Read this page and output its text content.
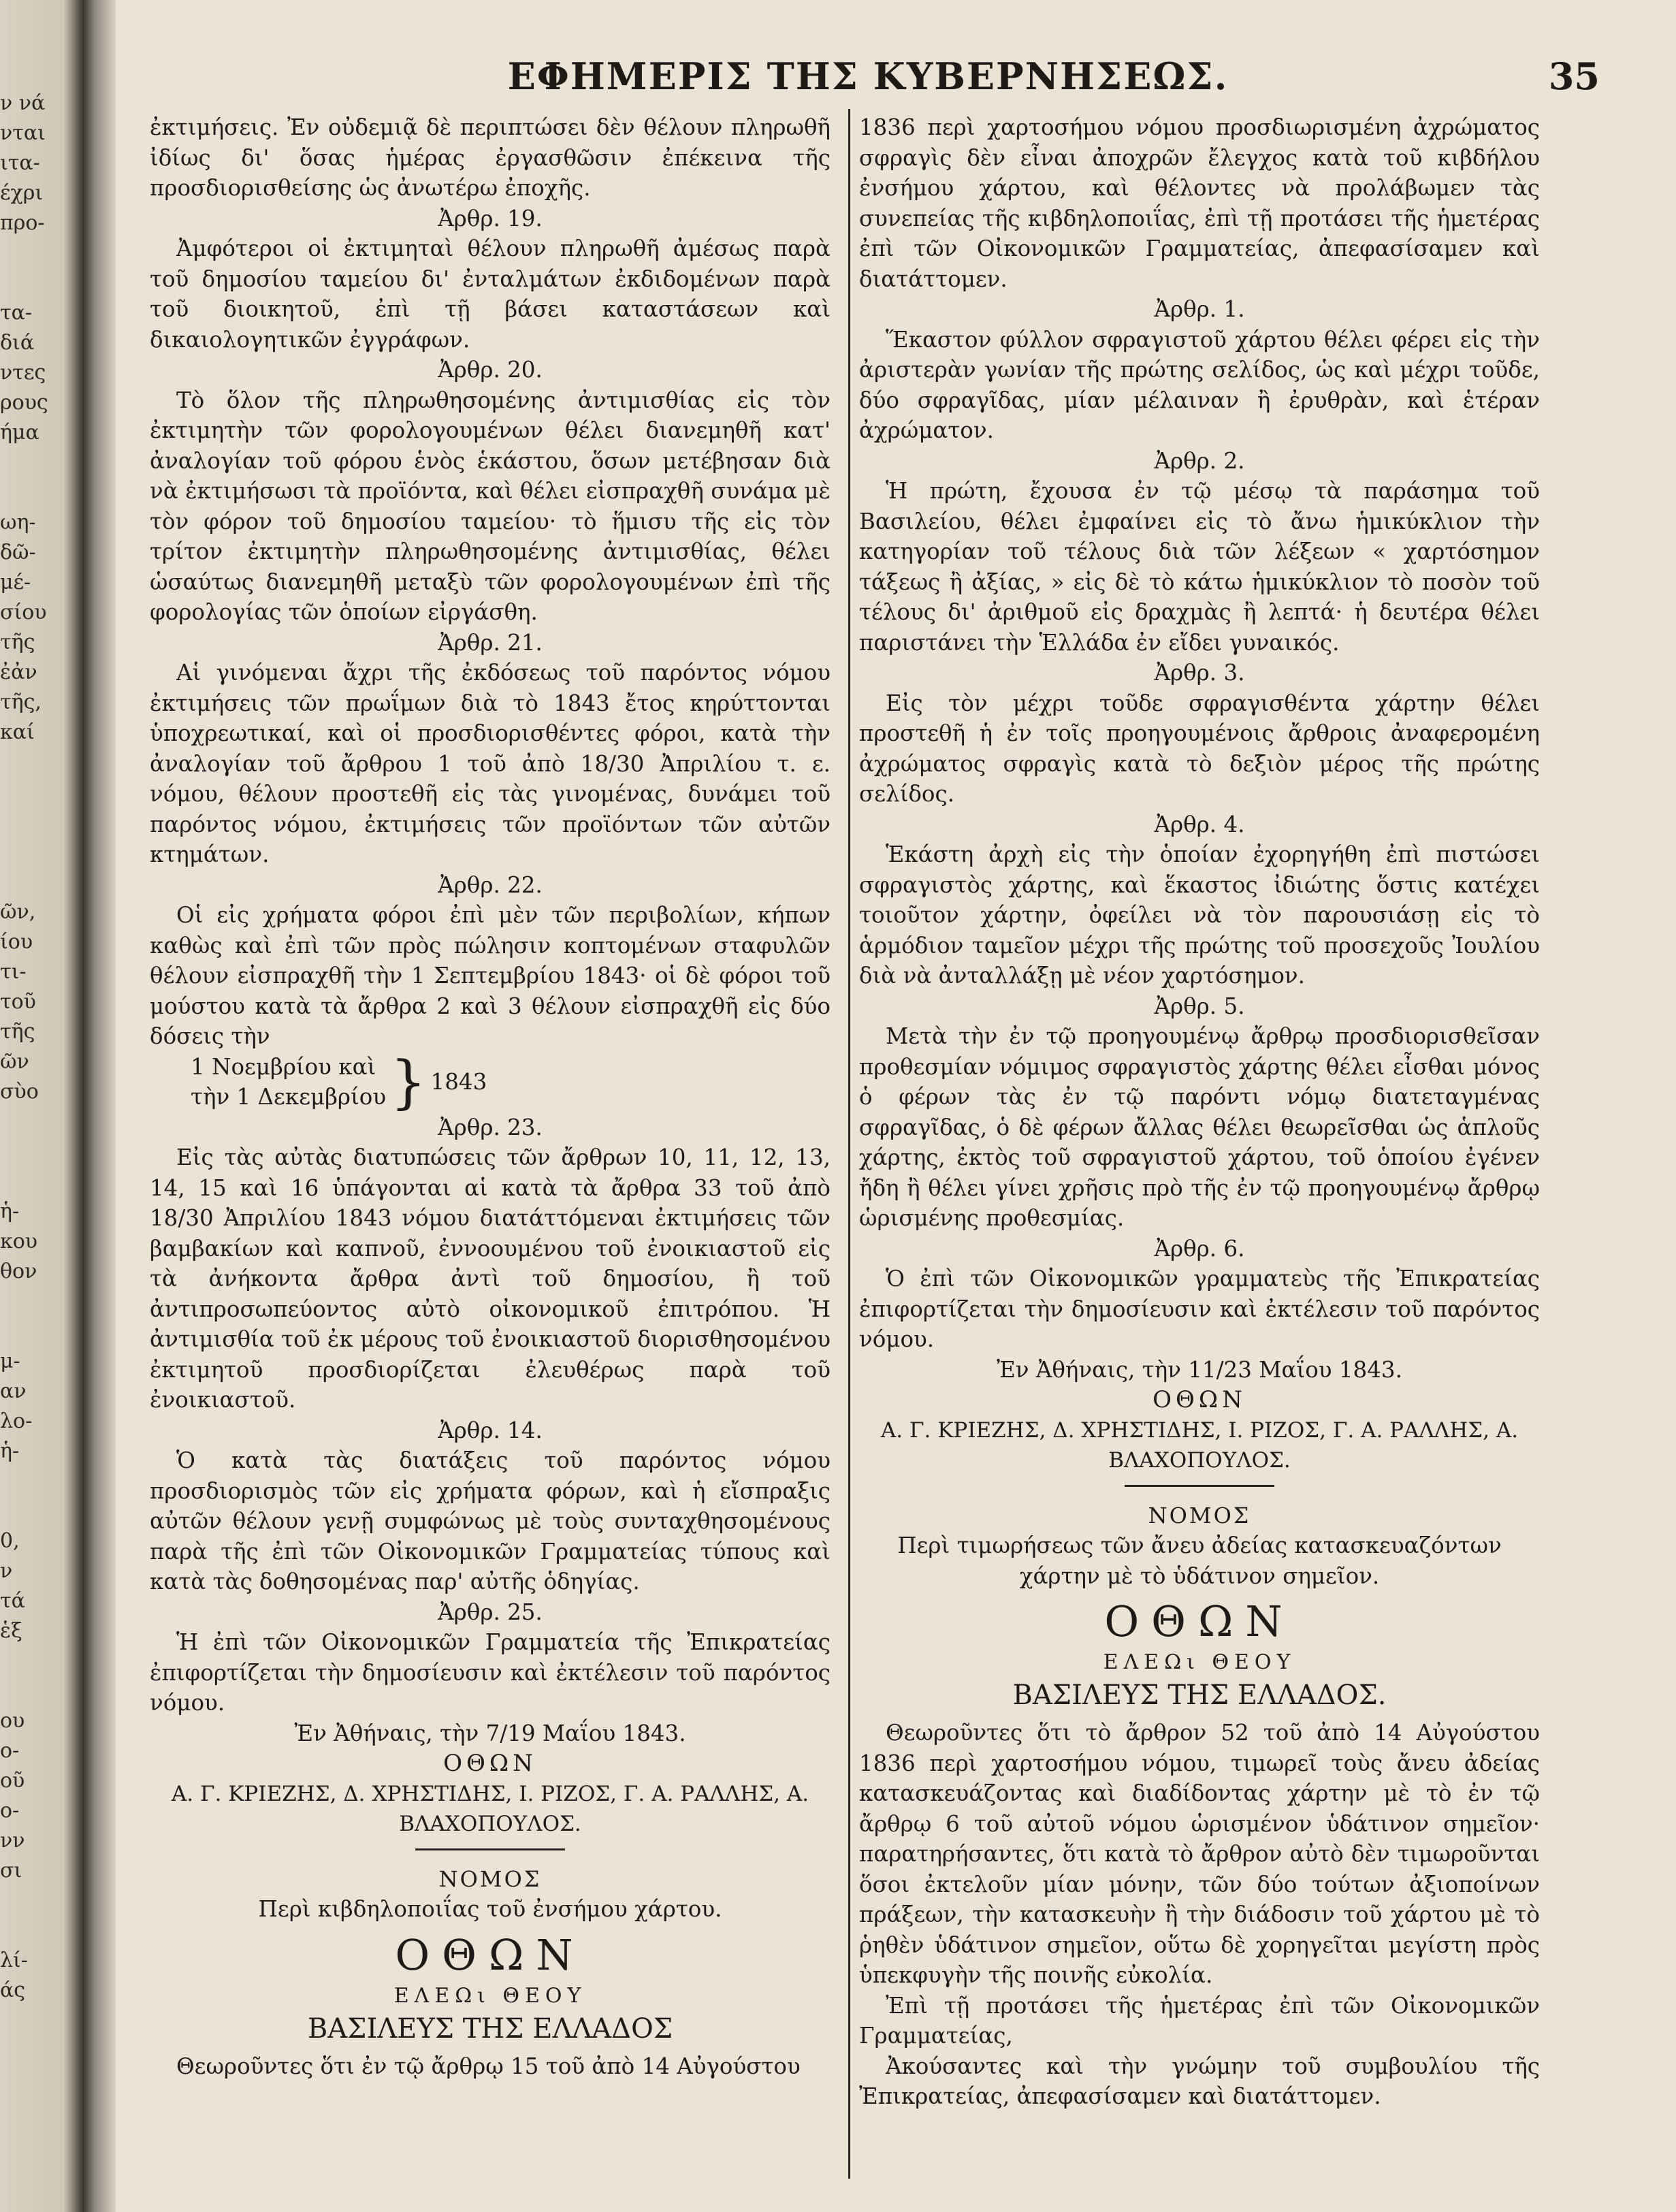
ν νά
νται
ιτα-
έχρι
προ-

τα-
διά
ντες
ρους
ήμα

ωη-
δῶ-
μέ-
σίου
τῆς
ἐἀν
τῆς,
καί

ῶν,
ίου
τι-
τοῦ
τῆς
ῶν
σὺο

ἡ-
κου
θον

μ-
αν
λο-
ἡ-

0,
ν
τά
ἑξ

ου
ο-
οῦ
ο-
νν
σι

λί-
άς
ΕΦΗΜΕΡΙΣ ΤΗΣ ΚΥΒΕΡΝΗΣΕΩΣ.	35

ἐκτιμήσεις. Ἐν οὐδεμιᾷ δὲ περιπτώσει δὲν θέλουν πληρωθῆ ἰδίως δι' ὅσας ἡμέρας ἐργασθῶσιν ἐπέκεινα τῆς προσδιορισθείσης ὡς ἀνωτέρω ἐποχῆς.

Ἀρθρ. 19.

Ἀμφότεροι οἱ ἐκτιμηταὶ θέλουν πληρωθῆ ἀμέσως παρὰ τοῦ δημοσίου ταμείου δι' ἐνταλμάτων ἐκδιδομένων παρὰ τοῦ διοικητοῦ, ἐπὶ τῇ βάσει καταστάσεων καὶ δικαιολογητικῶν ἐγγράφων.

Ἀρθρ. 20.

Τὸ ὅλον τῆς πληρωθησομένης ἀντιμισθίας εἰς τὸν ἐκτιμητὴν τῶν φορολογουμένων θέλει διανεμηθῆ κατ' ἀναλογίαν τοῦ φόρου ἑνὸς ἑκάστου, ὅσων μετέβησαν διὰ νὰ ἐκτιμήσωσι τὰ προϊόντα, καὶ θέλει εἰσπραχθῆ συνάμα μὲ τὸν φόρον τοῦ δημοσίου ταμείου· τὸ ἥμισυ τῆς εἰς τὸν τρίτον ἐκτιμητὴν πληρωθησομένης ἀντιμισθίας, θέλει ὡσαύτως διανεμηθῆ μεταξὺ τῶν φορολογουμένων ἐπὶ τῆς φορολογίας τῶν ὁποίων εἰργάσθη.

Ἀρθρ. 21.

Αἱ γινόμεναι ἄχρι τῆς ἐκδόσεως τοῦ παρόντος νόμου ἐκτιμήσεις τῶν πρωΐμων διὰ τὸ 1843 ἔτος κηρύττονται ὑποχρεωτικαί, καὶ οἱ προσδιορισθέντες φόροι, κατὰ τὴν ἀναλογίαν τοῦ ἄρθρου 1 τοῦ ἀπὸ 18/30 Ἀπριλίου τ. ε. νόμου, θέλουν προστεθῆ εἰς τὰς γινομένας, δυνάμει τοῦ παρόντος νόμου, ἐκτιμήσεις τῶν προϊόντων τῶν αὐτῶν κτημάτων.

Ἀρθρ. 22.

Οἱ εἰς χρήματα φόροι ἐπὶ μὲν τῶν περιβολίων, κήπων καθὼς καὶ ἐπὶ τῶν πρὸς πώλησιν κοπτομένων σταφυλῶν θέλουν εἰσπραχθῆ τὴν 1 Σεπτεμβρίου 1843· οἱ δὲ φόροι τοῦ μούστου κατὰ τὰ ἄρθρα 2 καὶ 3 θέλουν εἰσπραχθῆ εἰς δύο δόσεις τὴν

1 Νοεμβρίου καὶ
τὴν 1 Δεκεμβρίου } 1843

Ἀρθρ. 23.

Εἰς τὰς αὐτὰς διατυπώσεις τῶν ἄρθρων 10, 11, 12, 13, 14, 15 καὶ 16 ὑπάγονται αἱ κατὰ τὰ ἄρθρα 33 τοῦ ἀπὸ 18/30 Ἀπριλίου 1843 νόμου διατάττόμεναι ἐκτιμήσεις τῶν βαμβακίων καὶ καπνοῦ, ἐννοουμένου τοῦ ἐνοικιαστοῦ εἰς τὰ ἀνήκοντα ἄρθρα ἀντὶ τοῦ δημοσίου, ἢ τοῦ ἀντιπροσωπεύοντος αὐτὸ οἰκονομικοῦ ἐπιτρόπου. Ἡ ἀντιμισθία τοῦ ἐκ μέρους τοῦ ἐνοικιαστοῦ διορισθησομένου ἐκτιμητοῦ προσδιορίζεται ἐλευθέρως παρὰ τοῦ ἐνοικιαστοῦ.

Ἀρθρ. 14.

Ὁ κατὰ τὰς διατάξεις τοῦ παρόντος νόμου προσδιορισμὸς τῶν εἰς χρήματα φόρων, καὶ ἡ εἴσπραξις αὐτῶν θέλουν γενῇ συμφώνως μὲ τοὺς συνταχθησομένους παρὰ τῆς ἐπὶ τῶν Οἰκονομικῶν Γραμματείας τύπους καὶ κατὰ τὰς δοθησομένας παρ' αὐτῆς ὁδηγίας.

Ἀρθρ. 25.

Ἡ ἐπὶ τῶν Οἰκονομικῶν Γραμματεία τῆς Ἐπικρατείας ἐπιφορτίζεται τὴν δημοσίευσιν καὶ ἐκτέλεσιν τοῦ παρόντος νόμου.

Ἐν Ἀθήναις, τὴν 7/19 Μαΐου 1843.

ΟΘΩΝ

Α. Γ. ΚΡΙΕΖΗΣ, Δ. ΧΡΗΣΤΙΔΗΣ, Ι. ΡΙΖΟΣ, Γ. Α. ΡΑΛΛΗΣ, Α. ΒΛΑΧΟΠΟΥΛΟΣ.

ΝΟΜΟΣ

Περὶ κιβδηλοποιΐας τοῦ ἐνσήμου χάρτου.

ΟΘΩΝ

ΕΛΕΩι ΘΕΟΥ

ΒΑΣΙΛΕΥΣ ΤΗΣ ΕΛΛΑΔΟΣ

Θεωροῦντες ὅτι ἐν τῷ ἄρθρῳ 15 τοῦ ἀπὸ 14 Αὐγούστου

1836 περὶ χαρτοσήμου νόμου προσδιωρισμένη ἀχρώματος σφραγὶς δὲν εἶναι ἀποχρῶν ἔλεγχος κατὰ τοῦ κιβδήλου ἐνσήμου χάρτου, καὶ θέλοντες νὰ προλάβωμεν τὰς συνεπείας τῆς κιβδηλοποιΐας, ἐπὶ τῇ προτάσει τῆς ἡμετέρας ἐπὶ τῶν Οἰκονομικῶν Γραμματείας, ἀπεφασίσαμεν καὶ διατάττομεν.

Ἀρθρ. 1.

Ἕκαστον φύλλον σφραγιστοῦ χάρτου θέλει φέρει εἰς τὴν ἀριστερὰν γωνίαν τῆς πρώτης σελίδος, ὡς καὶ μέχρι τοῦδε, δύο σφραγῖδας, μίαν μέλαιναν ἢ ἐρυθρὰν, καὶ ἑτέραν ἀχρώματον.

Ἀρθρ. 2.

Ἡ πρώτη, ἔχουσα ἐν τῷ μέσῳ τὰ παράσημα τοῦ Βασιλείου, θέλει ἐμφαίνει εἰς τὸ ἄνω ἡμικύκλιον τὴν κατηγορίαν τοῦ τέλους διὰ τῶν λέξεων « χαρτόσημον τάξεως ἢ ἀξίας, » εἰς δὲ τὸ κάτω ἡμικύκλιον τὸ ποσὸν τοῦ τέλους δι' ἀριθμοῦ εἰς δραχμὰς ἢ λεπτά· ἡ δευτέρα θέλει παριστάνει τὴν Ἑλλάδα ἐν εἴδει γυναικός.

Ἀρθρ. 3.

Εἰς τὸν μέχρι τοῦδε σφραγισθέντα χάρτην θέλει προστεθῆ ἡ ἐν τοῖς προηγουμένοις ἄρθροις ἀναφερομένη ἀχρώματος σφραγὶς κατὰ τὸ δεξιὸν μέρος τῆς πρώτης σελίδος.

Ἀρθρ. 4.

Ἑκάστη ἀρχὴ εἰς τὴν ὁποίαν ἐχορηγήθη ἐπὶ πιστώσει σφραγιστὸς χάρτης, καὶ ἕκαστος ἰδιώτης ὅστις κατέχει τοιοῦτον χάρτην, ὀφείλει νὰ τὸν παρουσιάσῃ εἰς τὸ ἁρμόδιον ταμεῖον μέχρι τῆς πρώτης τοῦ προσεχοῦς Ἰουλίου διὰ νὰ ἀνταλλάξῃ μὲ νέον χαρτόσημον.

Ἀρθρ. 5.

Μετὰ τὴν ἐν τῷ προηγουμένῳ ἄρθρῳ προσδιορισθεῖσαν προθεσμίαν νόμιμος σφραγιστὸς χάρτης θέλει εἶσθαι μόνος ὁ φέρων τὰς ἐν τῷ παρόντι νόμῳ διατεταγμένας σφραγῖδας, ὁ δὲ φέρων ἄλλας θέλει θεωρεῖσθαι ὡς ἁπλοῦς χάρτης, ἐκτὸς τοῦ σφραγιστοῦ χάρτου, τοῦ ὁποίου ἐγένεν ἤδη ἢ θέλει γίνει χρῆσις πρὸ τῆς ἐν τῷ προηγουμένῳ ἄρθρῳ ὡρισμένης προθεσμίας.

Ἀρθρ. 6.

Ὁ ἐπὶ τῶν Οἰκονομικῶν γραμματεὺς τῆς Ἐπικρατείας ἐπιφορτίζεται τὴν δημοσίευσιν καὶ ἐκτέλεσιν τοῦ παρόντος νόμου.

Ἐν Ἀθήναις, τὴν 11/23 Μαΐου 1843.

ΟΘΩΝ

Α. Γ. ΚΡΙΕΖΗΣ, Δ. ΧΡΗΣΤΙΔΗΣ, Ι. ΡΙΖΟΣ, Γ. Α. ΡΑΛΛΗΣ, Α. ΒΛΑΧΟΠΟΥΛΟΣ.

ΝΟΜΟΣ

Περὶ τιμωρήσεως τῶν ἄνευ ἀδείας κατασκευαζόντων χάρτην μὲ τὸ ὑδάτινον σημεῖον.

ΟΘΩΝ

ΕΛΕΩι ΘΕΟΥ

ΒΑΣΙΛΕΥΣ ΤΗΣ ΕΛΛΑΔΟΣ.

Θεωροῦντες ὅτι τὸ ἄρθρον 52 τοῦ ἀπὸ 14 Αὐγούστου 1836 περὶ χαρτοσήμου νόμου, τιμωρεῖ τοὺς ἄνευ ἀδείας κατασκευάζοντας καὶ διαδίδοντας χάρτην μὲ τὸ ἐν τῷ ἄρθρῳ 6 τοῦ αὐτοῦ νόμου ὡρισμένον ὑδάτινον σημεῖον· παρατηρήσαντες, ὅτι κατὰ τὸ ἄρθρον αὐτὸ δὲν τιμωροῦνται ὅσοι ἐκτελοῦν μίαν μόνην, τῶν δύο τούτων ἀξιοποίνων πράξεων, τὴν κατασκευὴν ἢ τὴν διάδοσιν τοῦ χάρτου μὲ τὸ ῥηθὲν ὑδάτινον σημεῖον, οὕτω δὲ χορηγεῖται μεγίστη πρὸς ὑπεκφυγὴν τῆς ποινῆς εὐκολία.

Ἐπὶ τῇ προτάσει τῆς ἡμετέρας ἐπὶ τῶν Οἰκονομικῶν Γραμματείας,

Ἀκούσαντες καὶ τὴν γνώμην τοῦ συμβουλίου τῆς Ἐπικρατείας, ἀπεφασίσαμεν καὶ διατάττομεν.
